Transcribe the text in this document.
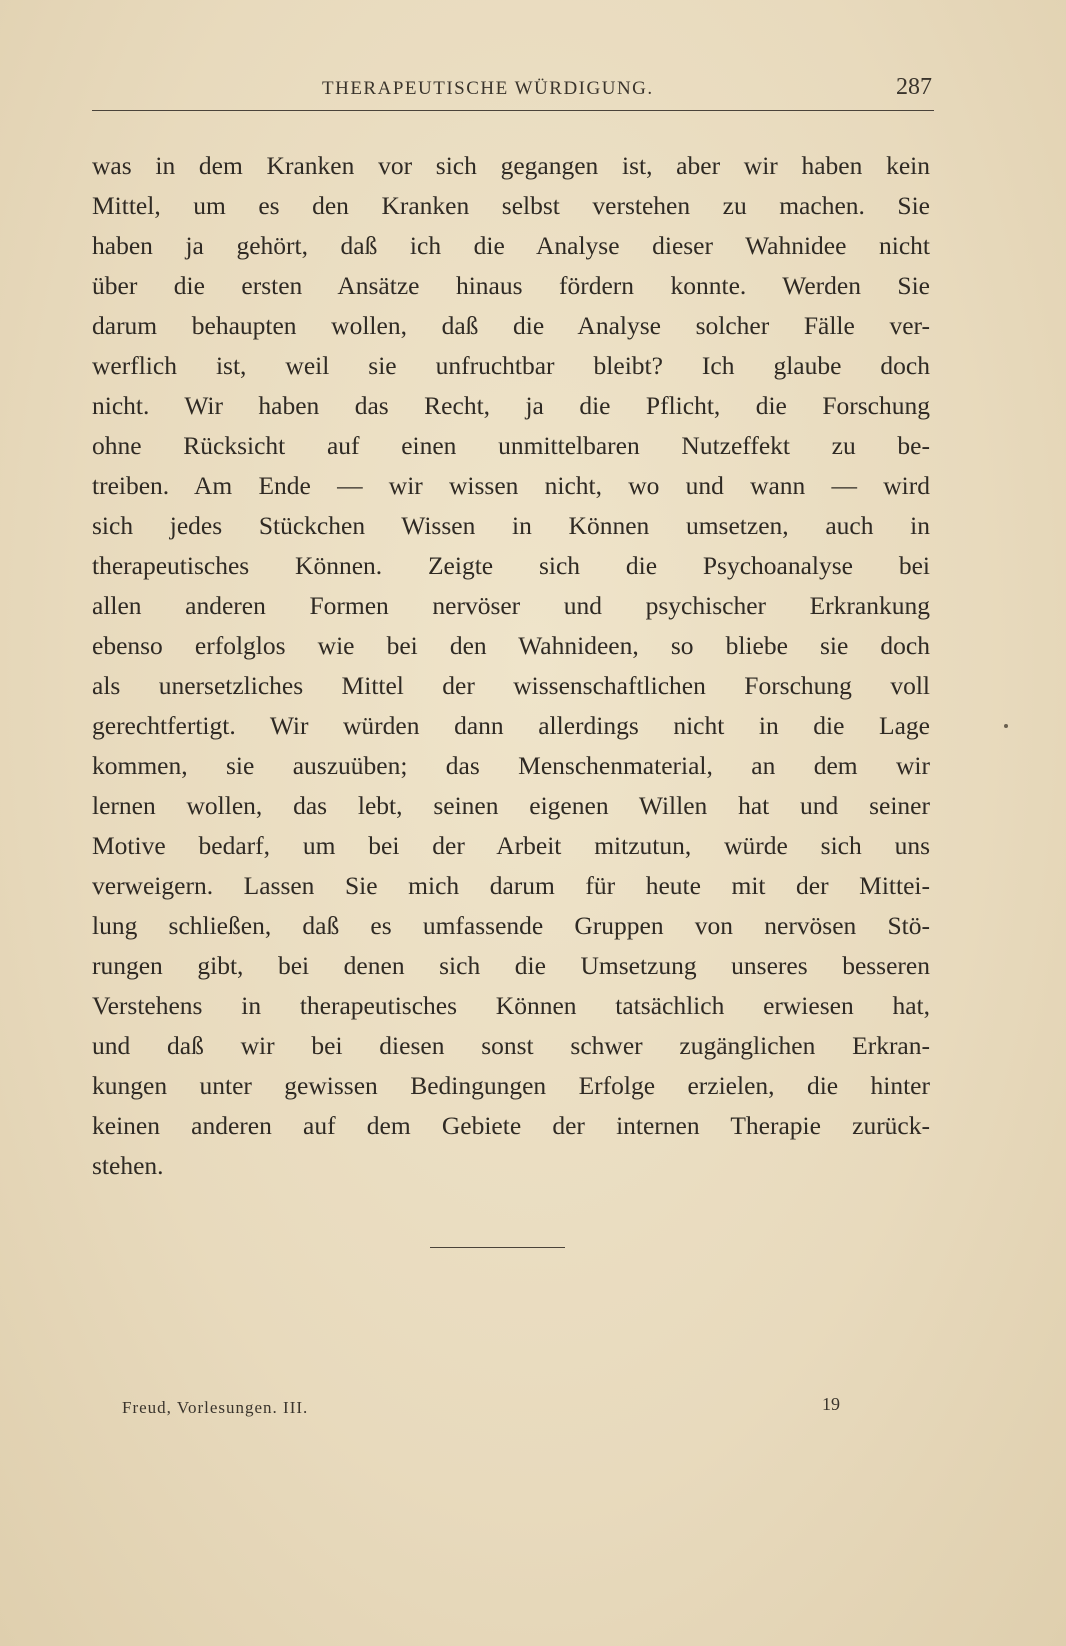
THERAPEUTISCHE WÜRDIGUNG.	287
was in dem Kranken vor sich gegangen ist, aber wir haben kein
Mittel, um es den Kranken selbst verstehen zu machen. Sie
haben ja gehört, daß ich die Analyse dieser Wahnidee nicht
über die ersten Ansätze hinaus fördern konnte. Werden Sie
darum behaupten wollen, daß die Analyse solcher Fälle ver-
werflich ist, weil sie unfruchtbar bleibt? Ich glaube doch
nicht. Wir haben das Recht, ja die Pflicht, die Forschung
ohne Rücksicht auf einen unmittelbaren Nutzeffekt zu be-
treiben. Am Ende — wir wissen nicht, wo und wann — wird
sich jedes Stückchen Wissen in Können umsetzen, auch in
therapeutisches Können. Zeigte sich die Psychoanalyse bei
allen anderen Formen nervöser und psychischer Erkrankung
ebenso erfolglos wie bei den Wahnideen, so bliebe sie doch
als unersetzliches Mittel der wissenschaftlichen Forschung voll
gerechtfertigt. Wir würden dann allerdings nicht in die Lage
kommen, sie auszuüben; das Menschenmaterial, an dem wir
lernen wollen, das lebt, seinen eigenen Willen hat und seiner
Motive bedarf, um bei der Arbeit mitzutun, würde sich uns
verweigern. Lassen Sie mich darum für heute mit der Mittei-
lung schließen, daß es umfassende Gruppen von nervösen Stö-
rungen gibt, bei denen sich die Umsetzung unseres besseren
Verstehens in therapeutisches Können tatsächlich erwiesen hat,
und daß wir bei diesen sonst schwer zugänglichen Erkran-
kungen unter gewissen Bedingungen Erfolge erzielen, die hinter
keinen anderen auf dem Gebiete der internen Therapie zurück-
stehen.
Freud, Vorlesungen. III.	19
